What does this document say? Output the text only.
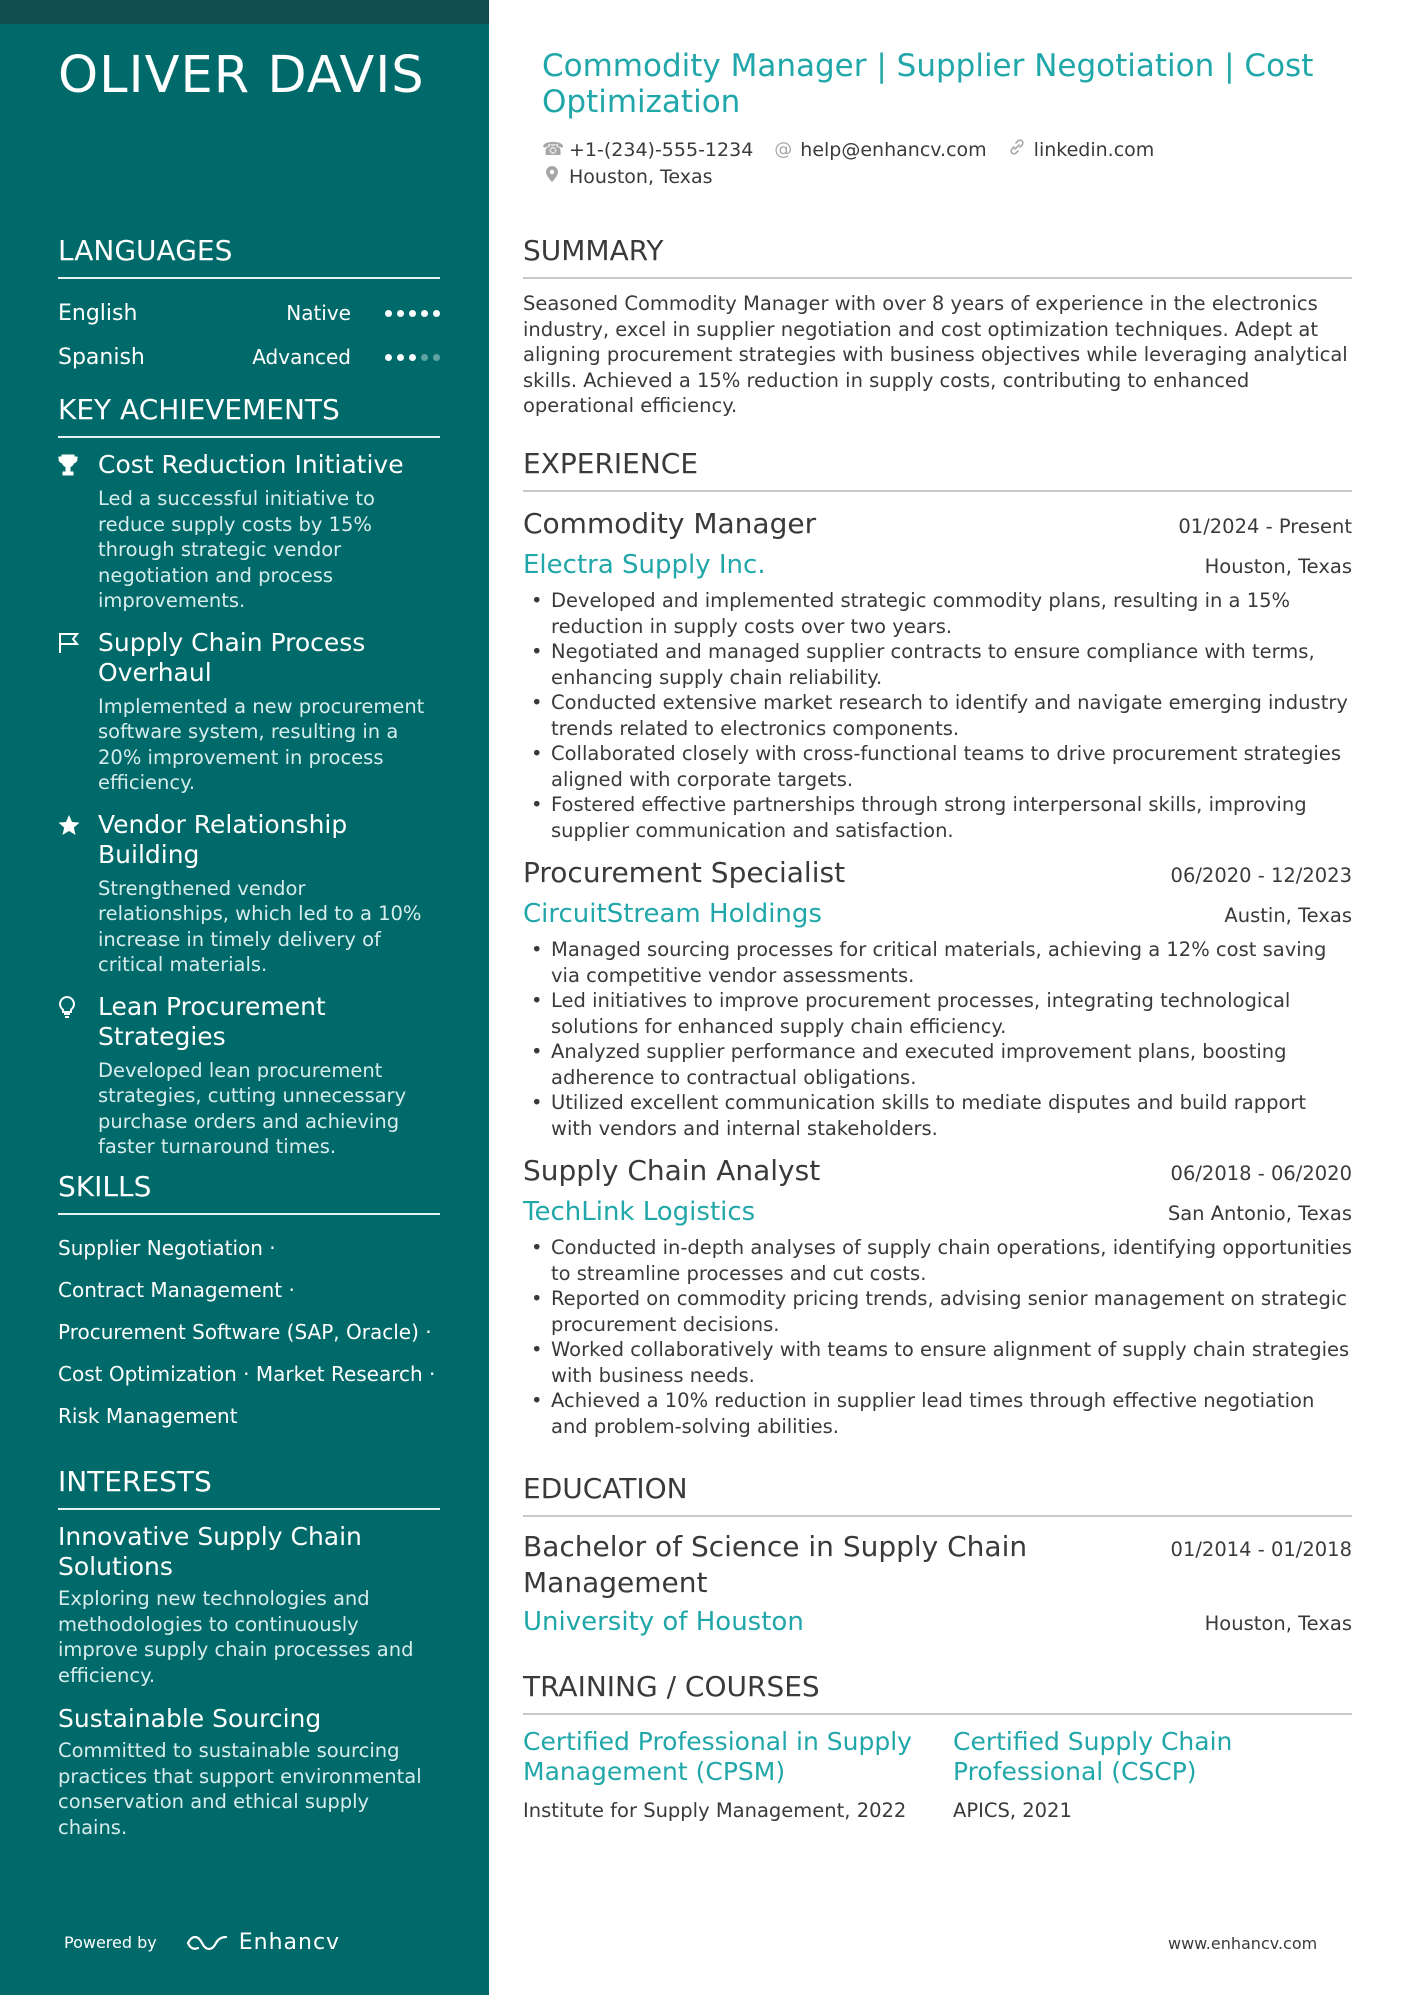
OLIVER DAVIS
LANGUAGES
English	Native
Spanish	Advanced
KEY ACHIEVEMENTS
Cost Reduction Initiative
Led a successful initiative to reduce supply costs by 15% through strategic vendor negotiation and process improvements.
Supply Chain Process Overhaul
Implemented a new procurement software system, resulting in a 20% improvement in process efficiency.
Vendor Relationship Building
Strengthened vendor relationships, which led to a 10% increase in timely delivery of critical materials.
Lean Procurement Strategies
Developed lean procurement strategies, cutting unnecessary purchase orders and achieving faster turnaround times.
SKILLS
Supplier Negotiation ·
Contract Management ·
Procurement Software (SAP, Oracle) ·
Cost Optimization · Market Research ·
Risk Management
INTERESTS
Innovative Supply Chain Solutions
Exploring new technologies and methodologies to continuously improve supply chain processes and efficiency.
Sustainable Sourcing
Committed to sustainable sourcing practices that support environmental conservation and ethical supply chains.
Powered by	Enhancv
Commodity Manager | Supplier Negotiation | Cost Optimization
☎ +1-(234)-555-1234 @ help@enhancv.com linkedin.com
Houston, Texas
SUMMARY
Seasoned Commodity Manager with over 8 years of experience in the electronics industry, excel in supplier negotiation and cost optimization techniques. Adept at aligning procurement strategies with business objectives while leveraging analytical skills. Achieved a 15% reduction in supply costs, contributing to enhanced operational efficiency.
EXPERIENCE
Commodity Manager	01/2024 - Present
Electra Supply Inc.	Houston, Texas
• Developed and implemented strategic commodity plans, resulting in a 15% reduction in supply costs over two years.
• Negotiated and managed supplier contracts to ensure compliance with terms, enhancing supply chain reliability.
• Conducted extensive market research to identify and navigate emerging industry trends related to electronics components.
• Collaborated closely with cross-functional teams to drive procurement strategies aligned with corporate targets.
• Fostered effective partnerships through strong interpersonal skills, improving supplier communication and satisfaction.
Procurement Specialist	06/2020 - 12/2023
CircuitStream Holdings	Austin, Texas
• Managed sourcing processes for critical materials, achieving a 12% cost saving via competitive vendor assessments.
• Led initiatives to improve procurement processes, integrating technological solutions for enhanced supply chain efficiency.
• Analyzed supplier performance and executed improvement plans, boosting adherence to contractual obligations.
• Utilized excellent communication skills to mediate disputes and build rapport with vendors and internal stakeholders.
Supply Chain Analyst	06/2018 - 06/2020
TechLink Logistics	San Antonio, Texas
• Conducted in-depth analyses of supply chain operations, identifying opportunities to streamline processes and cut costs.
• Reported on commodity pricing trends, advising senior management on strategic procurement decisions.
• Worked collaboratively with teams to ensure alignment of supply chain strategies with business needs.
• Achieved a 10% reduction in supplier lead times through effective negotiation and problem-solving abilities.
EDUCATION
Bachelor of Science in Supply Chain Management
01/2014 - 01/2018
University of Houston	Houston, Texas
TRAINING / COURSES
Certified Professional in Supply Management (CPSM)
Institute for Supply Management, 2022
Certified Supply Chain Professional (CSCP)
APICS, 2021
www.enhancv.com
